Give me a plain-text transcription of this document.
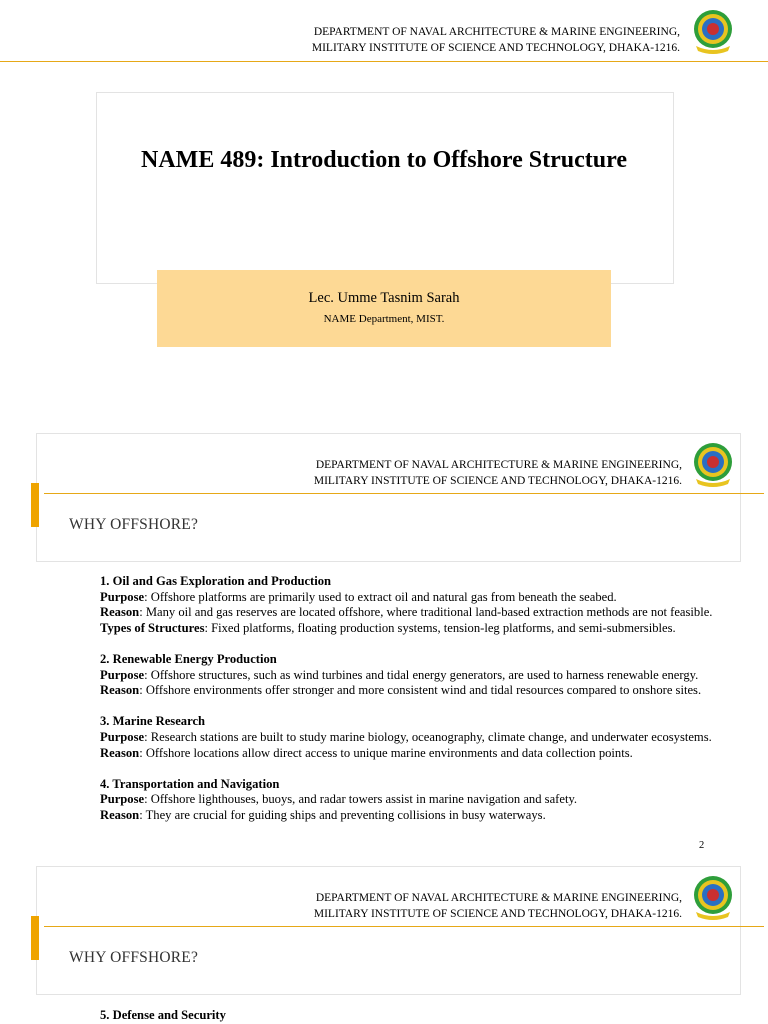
DEPARTMENT OF NAVAL ARCHITECTURE & MARINE ENGINEERING,
MILITARY INSTITUTE OF SCIENCE AND TECHNOLOGY, DHAKA-1216.
NAME 489: Introduction to Offshore Structure
Lec. Umme Tasnim Sarah
NAME Department, MIST.
DEPARTMENT OF NAVAL ARCHITECTURE & MARINE ENGINEERING,
MILITARY INSTITUTE OF SCIENCE AND TECHNOLOGY, DHAKA-1216.
WHY OFFSHORE?
1. Oil and Gas Exploration and Production
Purpose: Offshore platforms are primarily used to extract oil and natural gas from beneath the seabed.
Reason: Many oil and gas reserves are located offshore, where traditional land-based extraction methods are not feasible.
Types of Structures: Fixed platforms, floating production systems, tension-leg platforms, and semi-submersibles.
2. Renewable Energy Production
Purpose: Offshore structures, such as wind turbines and tidal energy generators, are used to harness renewable energy.
Reason: Offshore environments offer stronger and more consistent wind and tidal resources compared to onshore sites.
3. Marine Research
Purpose: Research stations are built to study marine biology, oceanography, climate change, and underwater ecosystems.
Reason: Offshore locations allow direct access to unique marine environments and data collection points.
4. Transportation and Navigation
Purpose: Offshore lighthouses, buoys, and radar towers assist in marine navigation and safety.
Reason: They are crucial for guiding ships and preventing collisions in busy waterways.
2
DEPARTMENT OF NAVAL ARCHITECTURE & MARINE ENGINEERING,
MILITARY INSTITUTE OF SCIENCE AND TECHNOLOGY, DHAKA-1216.
WHY OFFSHORE?
5. Defense and Security
